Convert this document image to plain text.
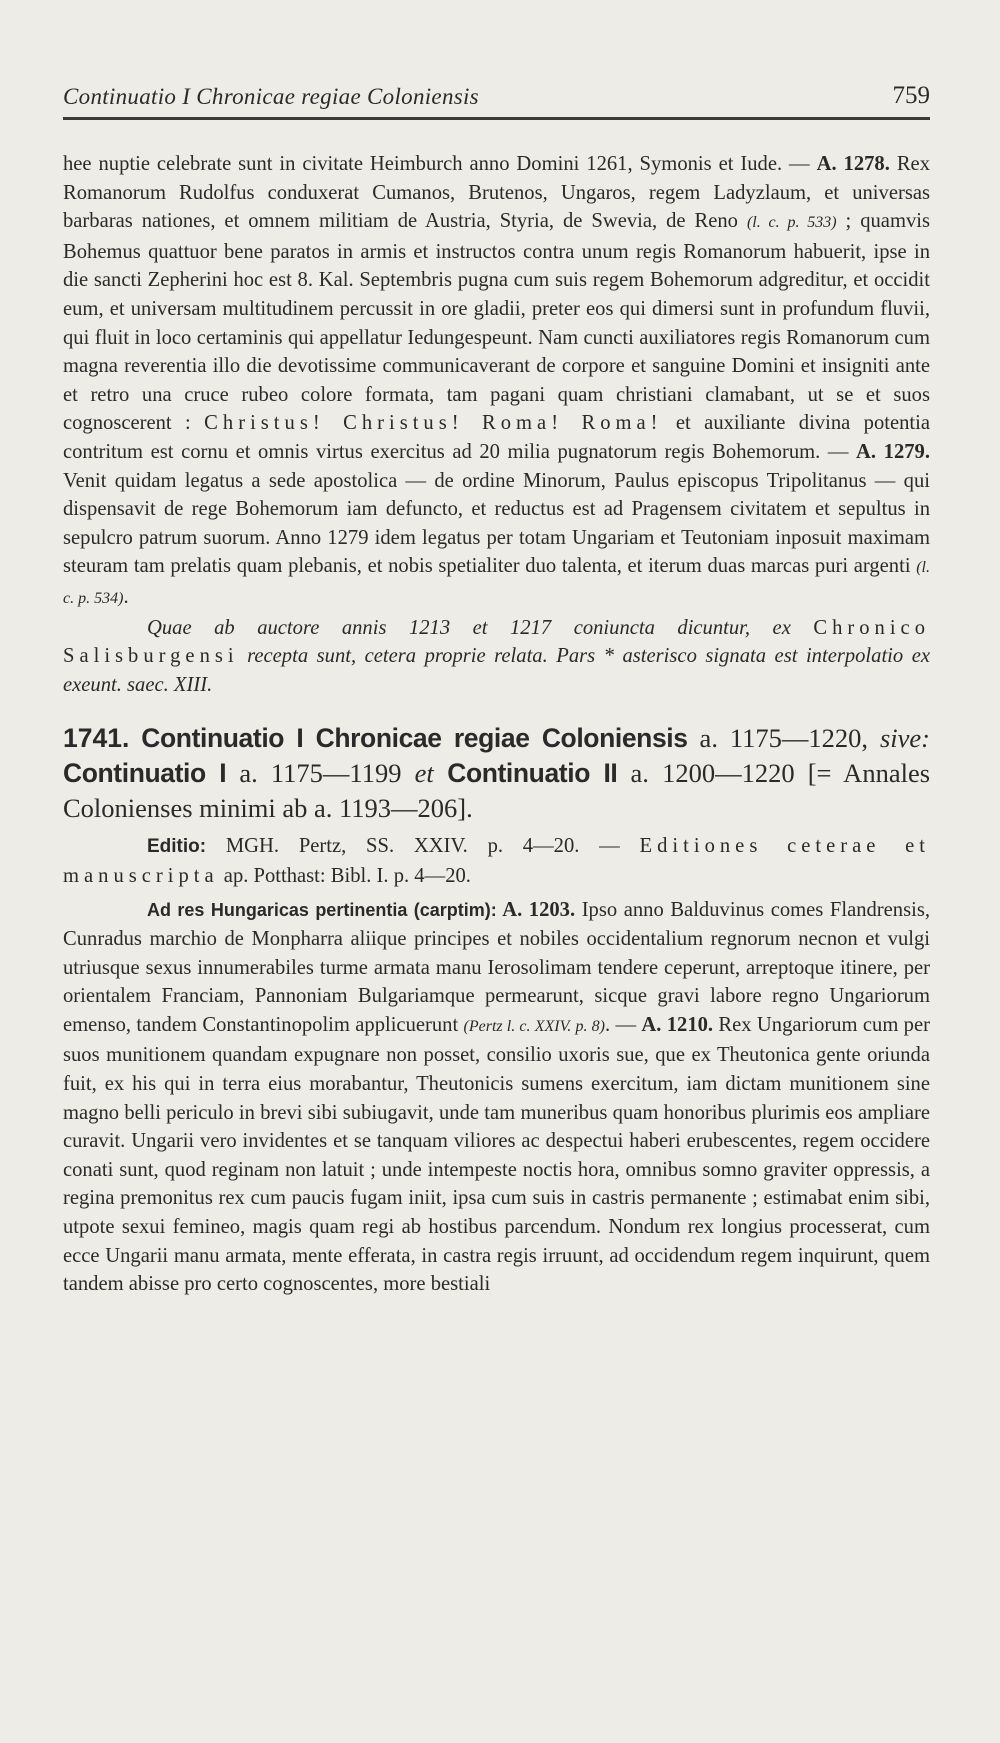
Continuatio I Chronicae regiae Coloniensis	759

hee nuptie celebrate sunt in civitate Heimburch anno Domini 1261, Symonis et Iude. — A. 1278. Rex Romanorum Rudolfus conduxerat Cumanos, Brutenos, Ungaros, regem Ladyzlaum, et universas barbaras nationes, et omnem militiam de Austria, Styria, de Swevia, de Reno (l. c. p. 533) ; quamvis Bohemus quattuor bene paratos in armis et instructos contra unum regis Romanorum habuerit, ipse in die sancti Zepherini hoc est 8. Kal. Septembris pugna cum suis regem Bohemorum adgreditur, et occidit eum, et universam multitudinem percussit in ore gladii, preter eos qui dimersi sunt in profundum fluvii, qui fluit in loco certaminis qui appellatur Iedungespeunt. Nam cuncti auxiliatores regis Romanorum cum magna reverentia illo die devotissime communicaverant de corpore et sanguine Domini et insigniti ante et retro una cruce rubeo colore formata, tam pagani quam christiani clamabant, ut se et suos cognoscerent : Christus! Christus! Roma! Roma! et auxiliante divina potentia contritum est cornu et omnis virtus exercitus ad 20 milia pugnatorum regis Bohemorum. — A. 1279. Venit quidam legatus a sede apostolica — de ordine Minorum, Paulus episcopus Tripolitanus — qui dispensavit de rege Bohemorum iam defuncto, et reductus est ad Pragensem civitatem et sepultus in sepulcro patrum suorum. Anno 1279 idem legatus per totam Ungariam et Teutoniam inposuit maximam steuram tam prelatis quam plebanis, et nobis spetialiter duo talenta, et iterum duas marcas puri argenti (l. c. p. 534).

Quae ab auctore annis 1213 et 1217 coniuncta dicuntur, ex Chronico Salisburgensi recepta sunt, cetera proprie relata. Pars * asterisco signata est interpolatio ex exeunt. saec. XIII.

1741. Continuatio I Chronicae regiae Coloniensis a. 1175—1220, sive: Continuatio I a. 1175—1199 et Continuatio II a. 1200—1220 [= Annales Colonienses minimi ab a. 1193—206].

Editio: MGH. Pertz, SS. XXIV. p. 4—20. — Editiones ceterae et manuscripta ap. Potthast: Bibl. I. p. 4—20.

Ad res Hungaricas pertinentia (carptim): A. 1203. Ipso anno Balduvinus comes Flandrensis, Cunradus marchio de Monpharra aliique principes et nobiles occidentalium regnorum necnon et vulgi utriusque sexus innumerabiles turme armata manu Ierosolimam tendere ceperunt, arreptoque itinere, per orientalem Franciam, Pannoniam Bulgariamque permearunt, sicque gravi labore regno Ungariorum emenso, tandem Constantinopolim applicuerunt (Pertz l. c. XXIV. p. 8). — A. 1210. Rex Ungariorum cum per suos munitionem quandam expugnare non posset, consilio uxoris sue, que ex Theutonica gente oriunda fuit, ex his qui in terra eius morabantur, Theutonicis sumens exercitum, iam dictam munitionem sine magno belli periculo in brevi sibi subiugavit, unde tam muneribus quam honoribus plurimis eos ampliare curavit. Ungarii vero invidentes et se tanquam viliores ac despectui haberi erubescentes, regem occidere conati sunt, quod reginam non latuit ; unde intempeste noctis hora, omnibus somno graviter oppressis, a regina premonitus rex cum paucis fugam iniit, ipsa cum suis in castris permanente ; estimabat enim sibi, utpote sexui femineo, magis quam regi ab hostibus parcendum. Nondum rex longius processerat, cum ecce Ungarii manu armata, mente efferata, in castra regis irruunt, ad occidendum regem inquirunt, quem tandem abisse pro certo cognoscentes, more bestiali
